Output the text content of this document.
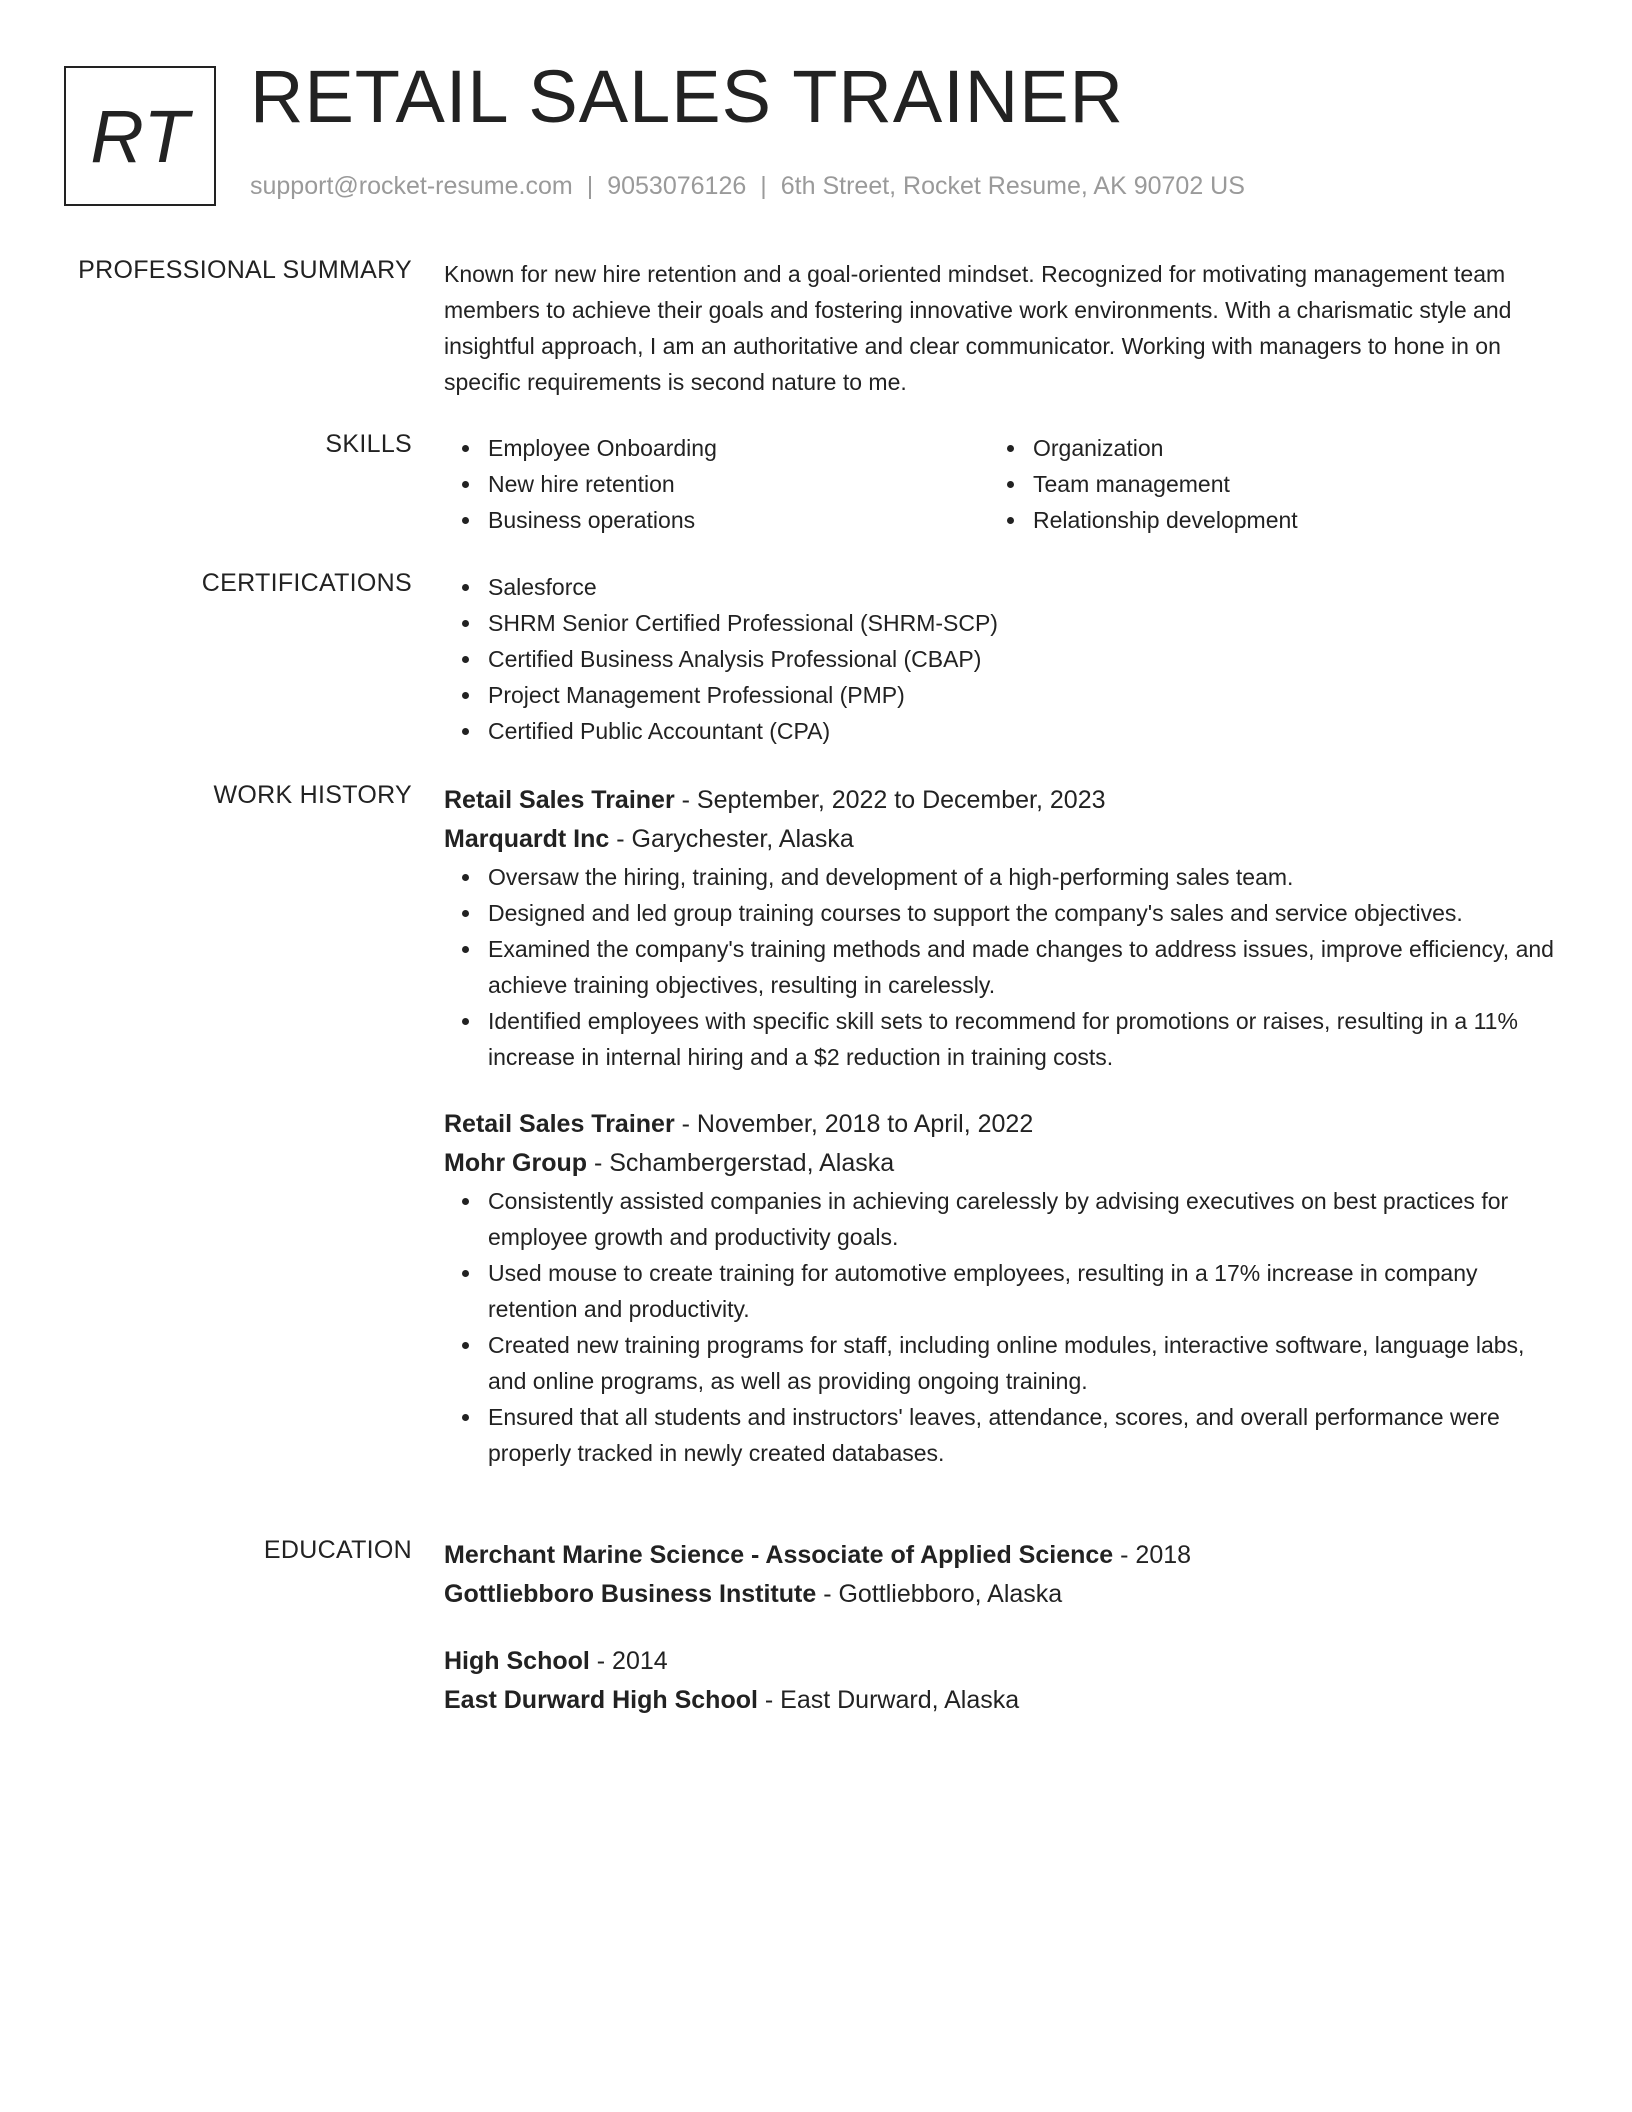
RT RETAIL SALES TRAINER
support@rocket-resume.com | 9053076126 | 6th Street, Rocket Resume, AK 90702 US
PROFESSIONAL SUMMARY Known for new hire retention and a goal-oriented mindset. Recognized for motivating management team members to achieve their goals and fostering innovative work environments. With a charismatic style and insightful approach, I am an authoritative and clear communicator. Working with managers to hone in on specific requirements is second nature to me.

SKILLS	Employee Onboarding
New hire retention
Business operations
Organization
Team management
Relationship development
CERTIFICATIONS	Salesforce
SHRM Senior Certified Professional (SHRM-SCP)
Certified Business Analysis Professional (CBAP)
Project Management Professional (PMP)
Certified Public Accountant (CPA)
WORK HISTORY Retail Sales Trainer - September, 2022 to December, 2023
Marquardt Inc - Garychester, Alaska
Oversaw the hiring, training, and development of a high-performing sales team.
Designed and led group training courses to support the company's sales and service objectives.
Examined the company's training methods and made changes to address issues, improve efficiency, and achieve training objectives, resulting in carelessly.
Identified employees with specific skill sets to recommend for promotions or raises, resulting in a 11% increase in internal hiring and a $2 reduction in training costs.
Retail Sales Trainer - November, 2018 to April, 2022
Mohr Group - Schambergerstad, Alaska
Consistently assisted companies in achieving carelessly by advising executives on best practices for employee growth and productivity goals.
Used mouse to create training for automotive employees, resulting in a 17% increase in company retention and productivity.
Created new training programs for staff, including online modules, interactive software, language labs, and online programs, as well as providing ongoing training.
Ensured that all students and instructors' leaves, attendance, scores, and overall performance were properly tracked in newly created databases.
EDUCATION Merchant Marine Science - Associate of Applied Science - 2018
Gottliebboro Business Institute - Gottliebboro, Alaska
High School - 2014
East Durward High School - East Durward, Alaska
